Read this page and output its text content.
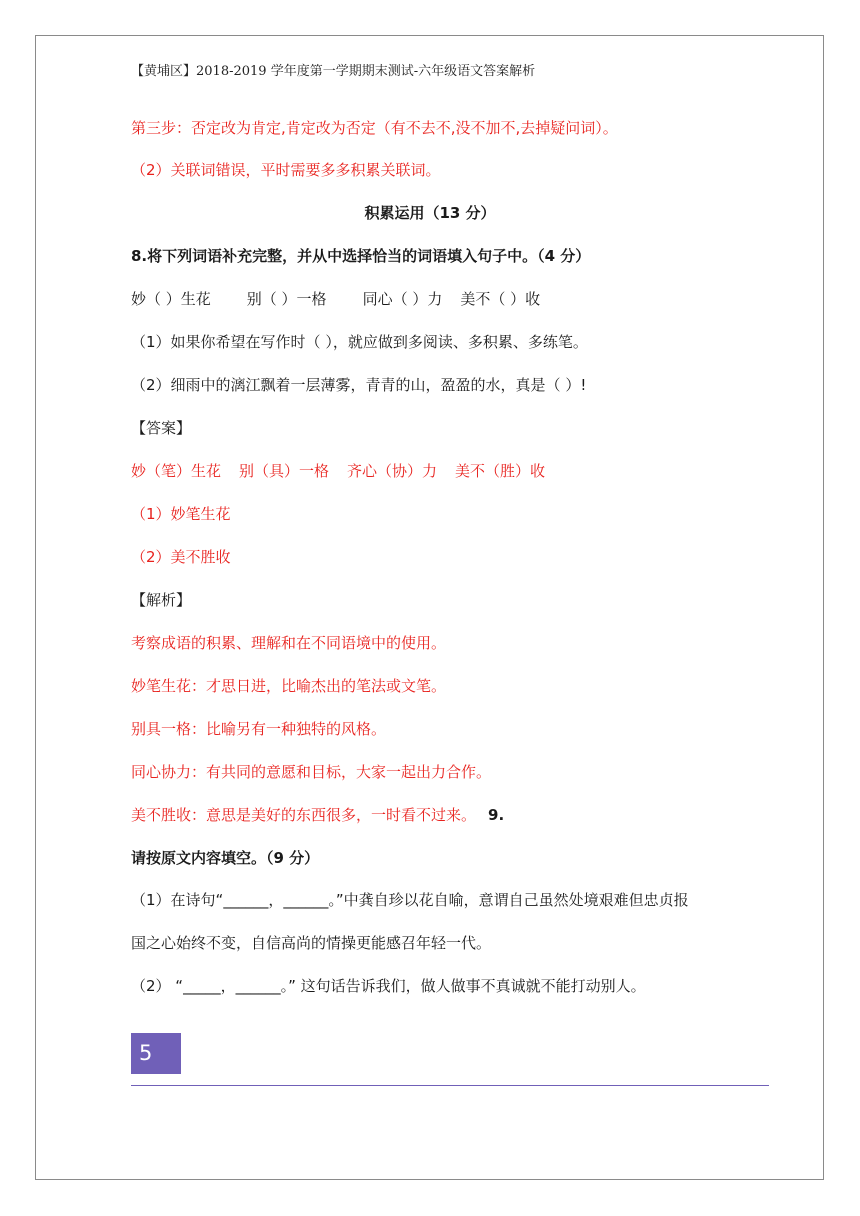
【黄埔区】2018-2019 学年度第一学期期末测试-六年级语文答案解析
第三步：否定改为肯定,肯定改为否定（有不去不,没不加不,去掉疑问词）。
（2）关联词错误，平时需要多多积累关联词。
积累运用（13 分）
8.将下列词语补充完整，并从中选择恰当的词语填入句子中。（4 分）
妙（ ）生花 别（ ）一格 同心（ ）力 美不（ ）收
（1）如果你希望在写作时（ ），就应做到多阅读、多积累、多练笔。
（2）细雨中的漓江飘着一层薄雾，青青的山，盈盈的水，真是（ ）!
【答案】
妙（笔）生花 别（具）一格 齐心（协）力 美不（胜）收
（1）妙笔生花
（2）美不胜收
【解析】
考察成语的积累、理解和在不同语境中的使用。
妙笔生花：才思日进，比喻杰出的笔法或文笔。
别具一格：比喻另有一种独特的风格。
同心协力：有共同的意愿和目标，大家一起出力合作。
美不胜收：意思是美好的东西很多，一时看不过来。 9.
请按原文内容填空。（9 分）
（1）在诗句“______，______。”中龚自珍以花自喻，意谓自己虽然处境艰难但忠贞报
国之心始终不变，自信高尚的情操更能感召年轻一代。
（2） “_____，______。” 这句话告诉我们，做人做事不真诚就不能打动别人。
5
